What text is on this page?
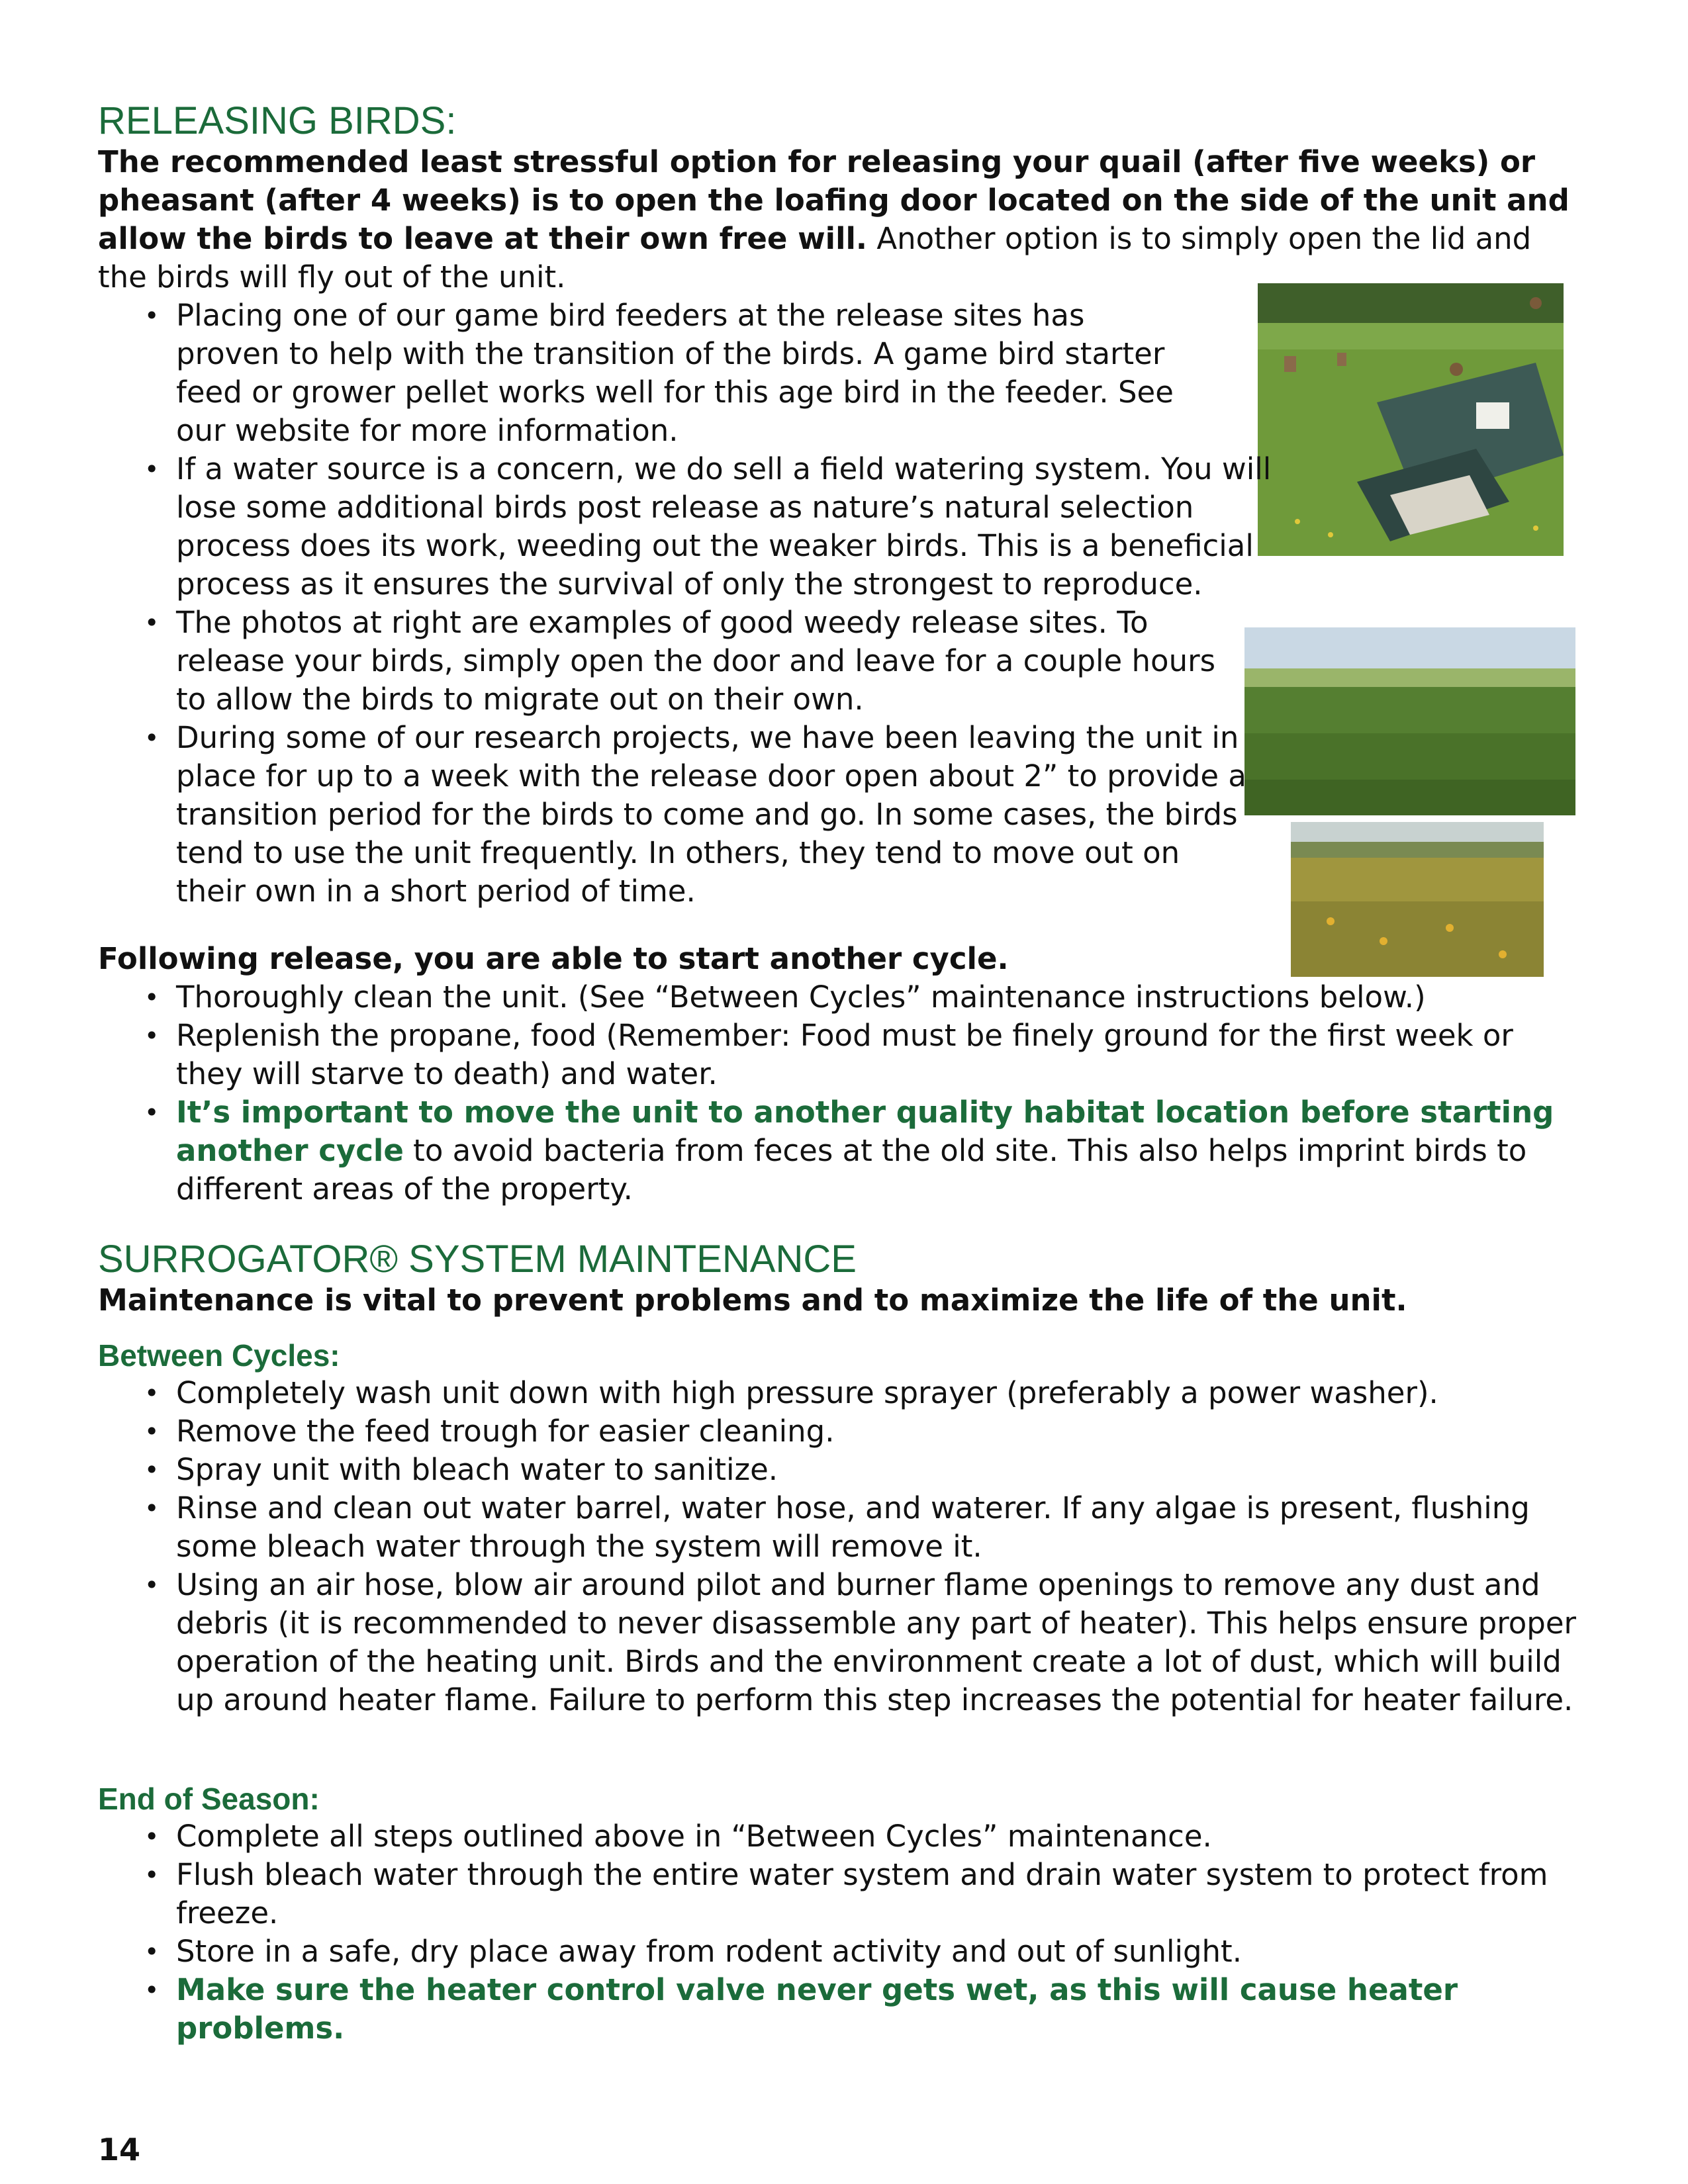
RELEASING BIRDS:

The recommended least stressful option for releasing your quail (after five weeks) or pheasant (after 4 weeks) is to open the loafing door located on the side of the unit and allow the birds to leave at their own free will. Another option is to simply open the lid and the birds will fly out of the unit.

• Placing one of our game bird feeders at the release sites has proven to help with the transition of the birds. A game bird starter feed or grower pellet works well for this age bird in the feeder. See our website for more information.
• If a water source is a concern, we do sell a field watering system. You will lose some additional birds post release as nature’s natural selection process does its work, weeding out the weaker birds. This is a beneficial process as it ensures the survival of only the strongest to reproduce.
• The photos at right are examples of good weedy release sites. To release your birds, simply open the door and leave for a couple hours to allow the birds to migrate out on their own.
• During some of our research projects, we have been leaving the unit in place for up to a week with the release door open about 2” to provide a transition period for the birds to come and go. In some cases, the birds tend to use the unit frequently. In others, they tend to move out on their own in a short period of time.

Following release, you are able to start another cycle.

• Thoroughly clean the unit. (See “Between Cycles” maintenance instructions below.)
• Replenish the propane, food (Remember: Food must be finely ground for the first week or they will starve to death) and water.
• It’s important to move the unit to another quality habitat location before starting another cycle to avoid bacteria from feces at the old site. This also helps imprint birds to different areas of the property.
SURROGATOR® SYSTEM MAINTENANCE

Maintenance is vital to prevent problems and to maximize the life of the unit.

Between Cycles:

• Completely wash unit down with high pressure sprayer (preferably a power washer).
• Remove the feed trough for easier cleaning.
• Spray unit with bleach water to sanitize.
• Rinse and clean out water barrel, water hose, and waterer. If any algae is present, flushing some bleach water through the system will remove it.
• Using an air hose, blow air around pilot and burner flame openings to remove any dust and debris (it is recommended to never disassemble any part of heater). This helps ensure proper operation of the heating unit. Birds and the environment create a lot of dust, which will build up around heater flame. Failure to perform this step increases the potential for heater failure.

End of Season:

• Complete all steps outlined above in “Between Cycles” maintenance.
• Flush bleach water through the entire water system and drain water system to protect from freeze.
• Store in a safe, dry place away from rodent activity and out of sunlight.
• Make sure the heater control valve never gets wet, as this will cause heater problems.
14
